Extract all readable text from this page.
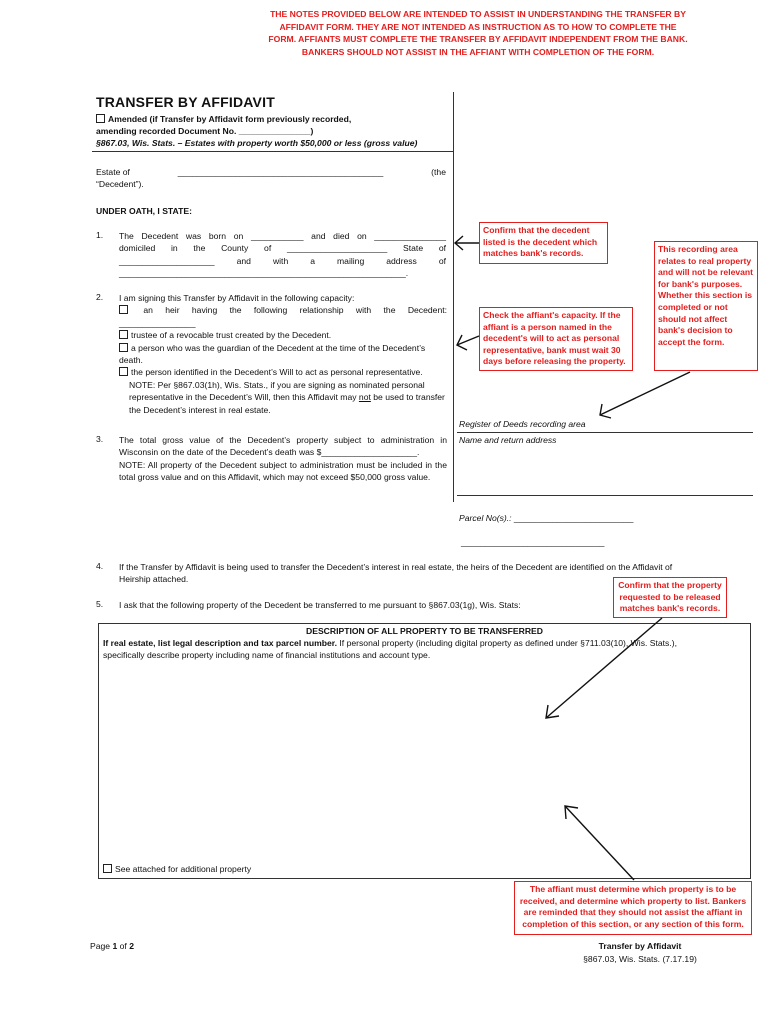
THE NOTES PROVIDED BELOW ARE INTENDED TO ASSIST IN UNDERSTANDING THE TRANSFER BY AFFIDAVIT FORM. THEY ARE NOT INTENDED AS INSTRUCTION AS TO HOW TO COMPLETE THE FORM. AFFIANTS MUST COMPLETE THE TRANSFER BY AFFIDAVIT INDEPENDENT FROM THE BANK. BANKERS SHOULD NOT ASSIST IN THE AFFIANT WITH COMPLETION OF THE FORM.
TRANSFER BY AFFIDAVIT
Amended (if Transfer by Affidavit form previously recorded,
amending recorded Document No. _______________)
§867.03, Wis. Stats. – Estates with property worth $50,000 or less (gross value)
Estate of	___________________________________________	(the
“Decedent”).
UNDER OATH, I STATE:
1. The Decedent was born on ___________ and died on _______________
domiciled in the County of _____________________ State of
____________________ and with a mailing address of
____________________________________________________________.
2. I am signing this Transfer by Affidavit in the following capacity:
an heir having the following relationship with the Decedent:
________________
trustee of a revocable trust created by the Decedent.
a person who was the guardian of the Decedent at the time of the Decedent’s death.
the person identified in the Decedent’s Will to act as personal representative.
NOTE: Per §867.03(1h), Wis. Stats., if you are signing as nominated personal representative in the Decedent’s Will, then this Affidavit may not be used to transfer the Decedent’s interest in real estate.
3. The total gross value of the Decedent’s property subject to administration in Wisconsin on the date of the Decedent’s death was $____________________.
NOTE: All property of the Decedent subject to administration must be included in the total gross value and on this Affidavit, which may not exceed $50,000 gross value.
Register of Deeds recording area
Name and return address
Parcel No(s).: _________________________
______________________________
4. If the Transfer by Affidavit is being used to transfer the Decedent’s interest in real estate, the heirs of the Decedent are identified on the Affidavit of Heirship attached.
5. I ask that the following property of the Decedent be transferred to me pursuant to §867.03(1g), Wis. Stats:
DESCRIPTION OF ALL PROPERTY TO BE TRANSFERRED
If real estate, list legal description and tax parcel number. If personal property (including digital property as defined under §711.03(10), Wis. Stats.), specifically describe property including name of financial institutions and account type.
See attached for additional property
Confirm that the decedent listed is the decedent which matches bank's records.	This recording area relates to real property and will not be relevant for bank's purposes. Whether this section is completed or not should not affect bank's decision to accept the form.
Check the affiant's capacity. If the affiant is a person named in the decedent's will to act as personal representative, bank must wait 30 days before releasing the property.
Confirm that the property requested to be released matches bank's records.
The affiant must determine which property is to be received, and determine which property to list. Bankers are reminded that they should not assist the affiant in completion of this section, or any section of this form.
Page 1 of 2	Transfer by Affidavit
§867.03, Wis. Stats. (7.17.19)
